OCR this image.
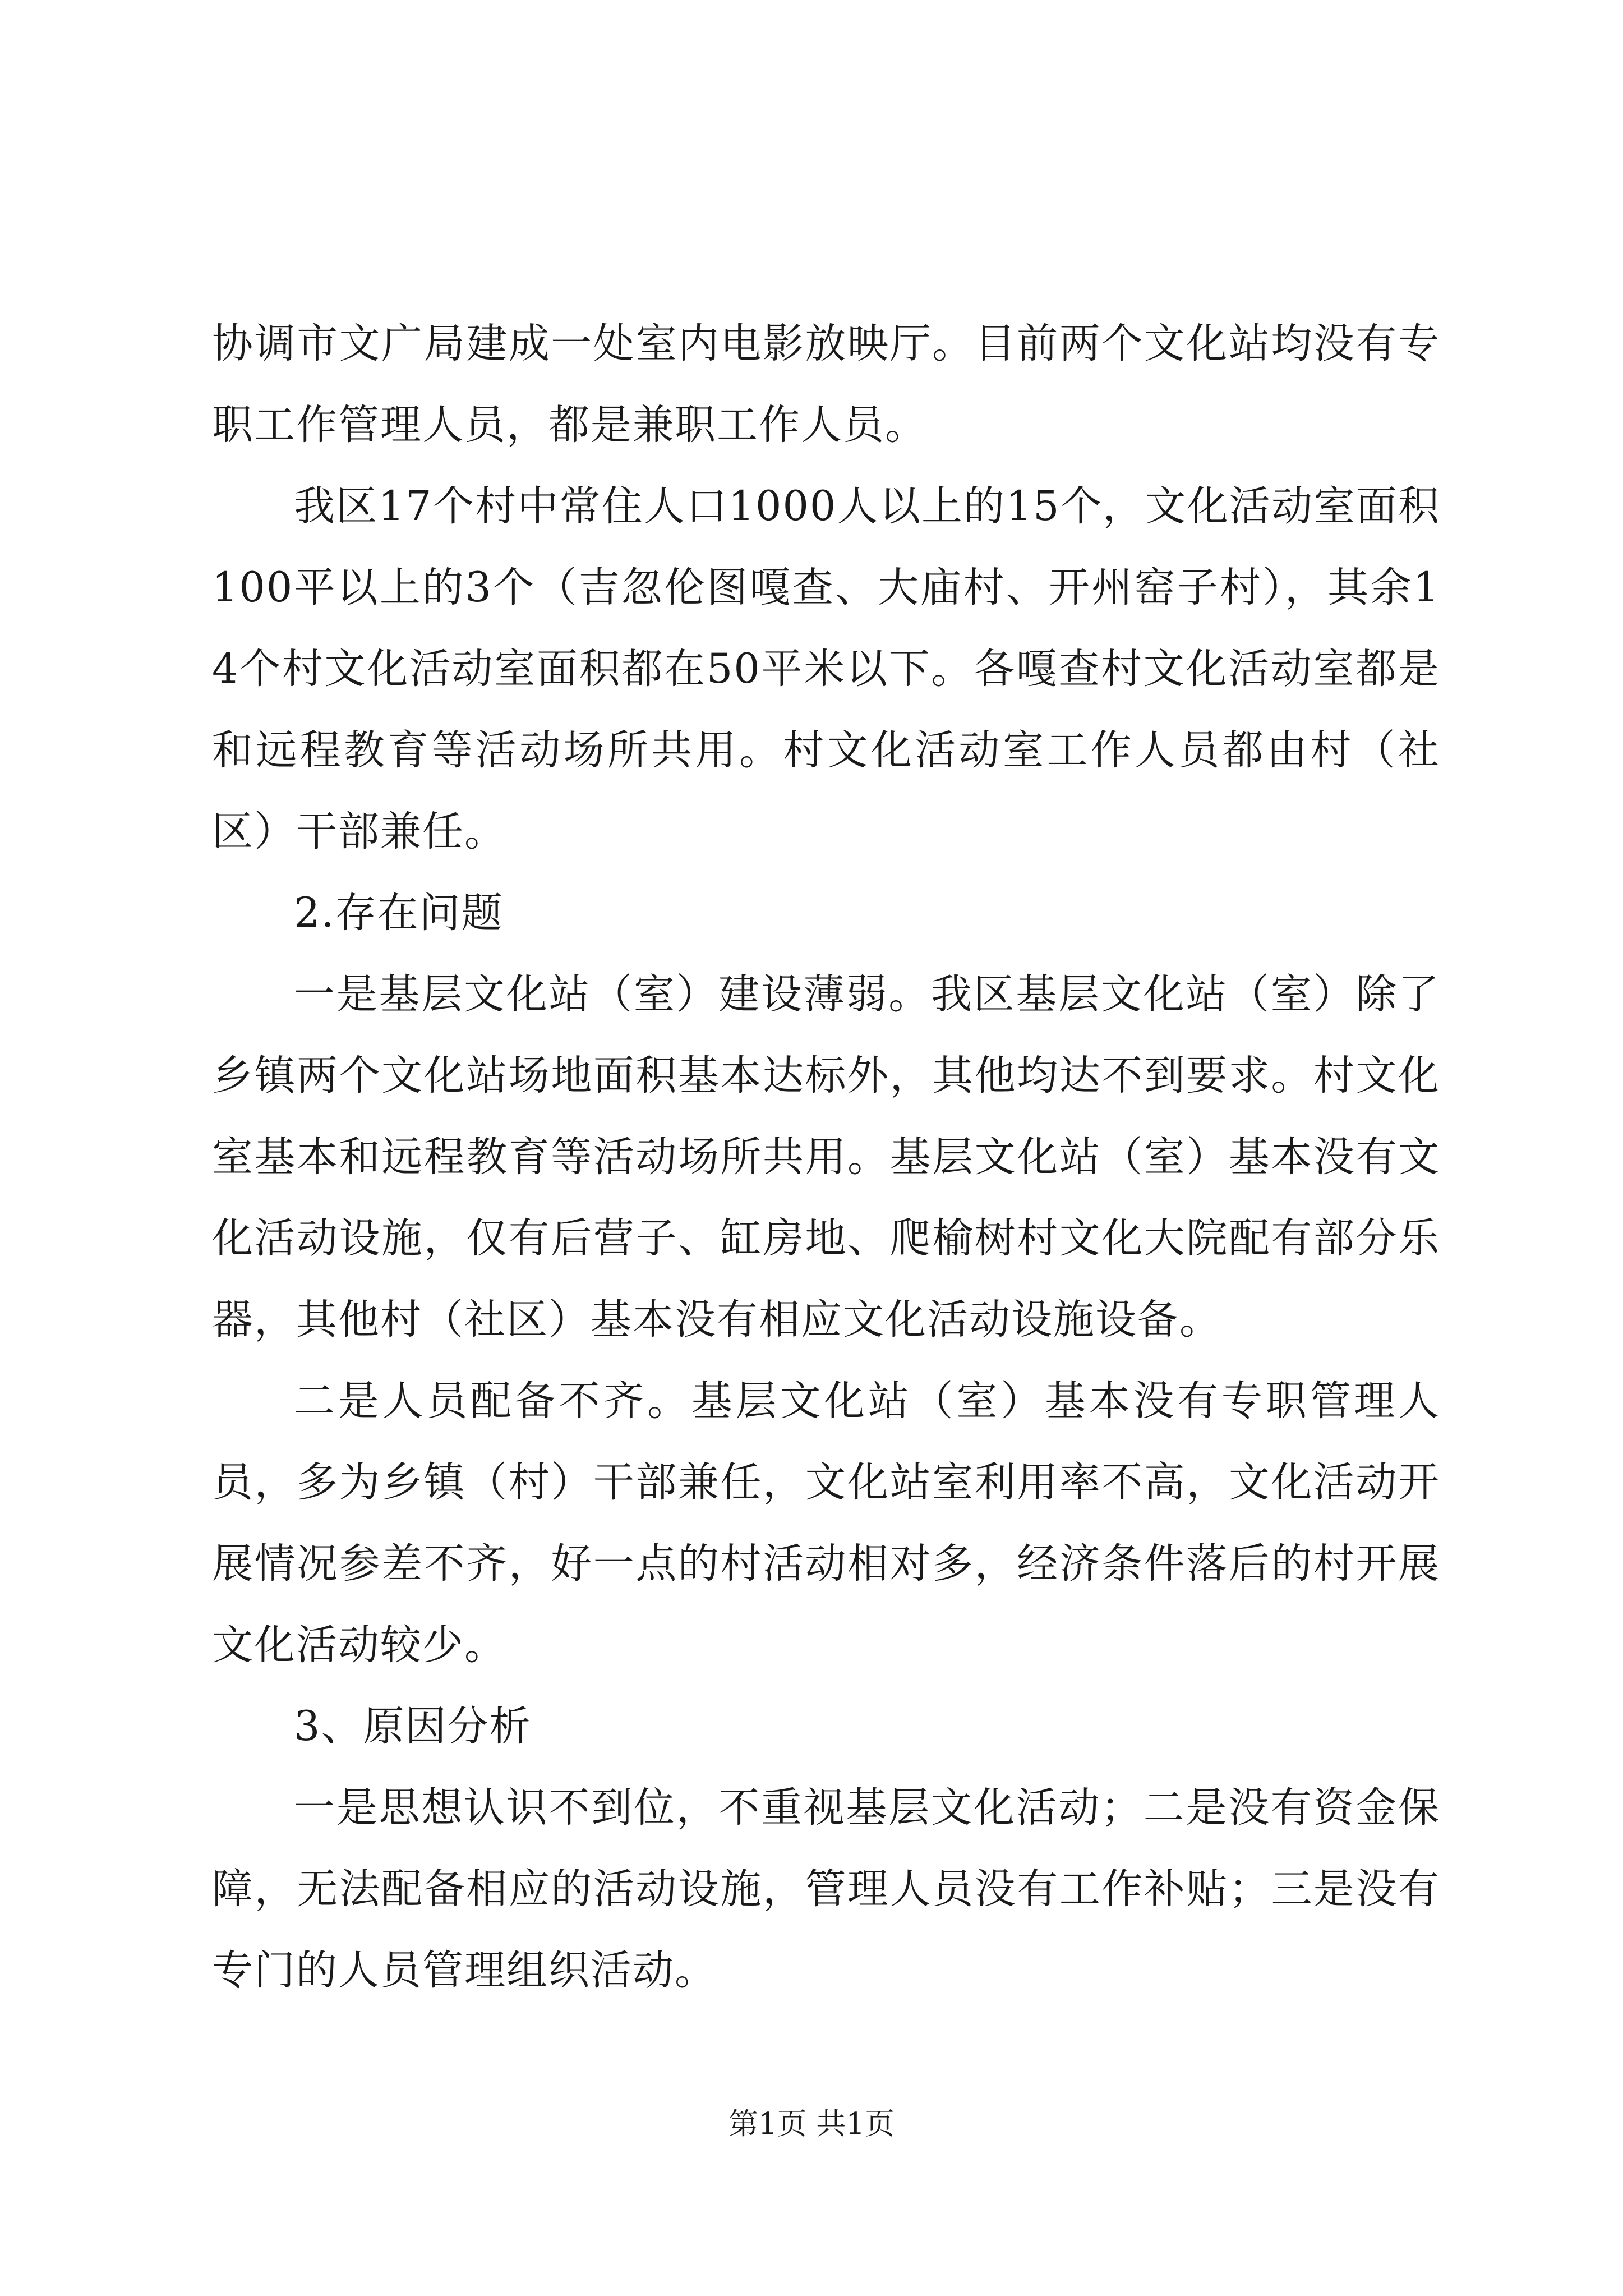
协调市文广局建成一处室内电影放映厅。目前两个文化站均没有专职工作管理人员，都是兼职工作人员。

我区17个村中常住人口1000人以上的15个，文化活动室面积100平以上的3个（吉忽伦图嘎查、大庙村、开州窑子村），其余14个村文化活动室面积都在50平米以下。各嘎查村文化活动室都是和远程教育等活动场所共用。村文化活动室工作人员都由村（社区）干部兼任。

2.存在问题

一是基层文化站（室）建设薄弱。我区基层文化站（室）除了乡镇两个文化站场地面积基本达标外，其他均达不到要求。村文化室基本和远程教育等活动场所共用。基层文化站（室）基本没有文化活动设施，仅有后营子、缸房地、爬榆树村文化大院配有部分乐器，其他村（社区）基本没有相应文化活动设施设备。

二是人员配备不齐。基层文化站（室）基本没有专职管理人员，多为乡镇（村）干部兼任，文化站室利用率不高，文化活动开展情况参差不齐，好一点的村活动相对多，经济条件落后的村开展文化活动较少。

3、原因分析

一是思想认识不到位，不重视基层文化活动；二是没有资金保障，无法配备相应的活动设施，管理人员没有工作补贴；三是没有专门的人员管理组织活动。

第1页 共1页
